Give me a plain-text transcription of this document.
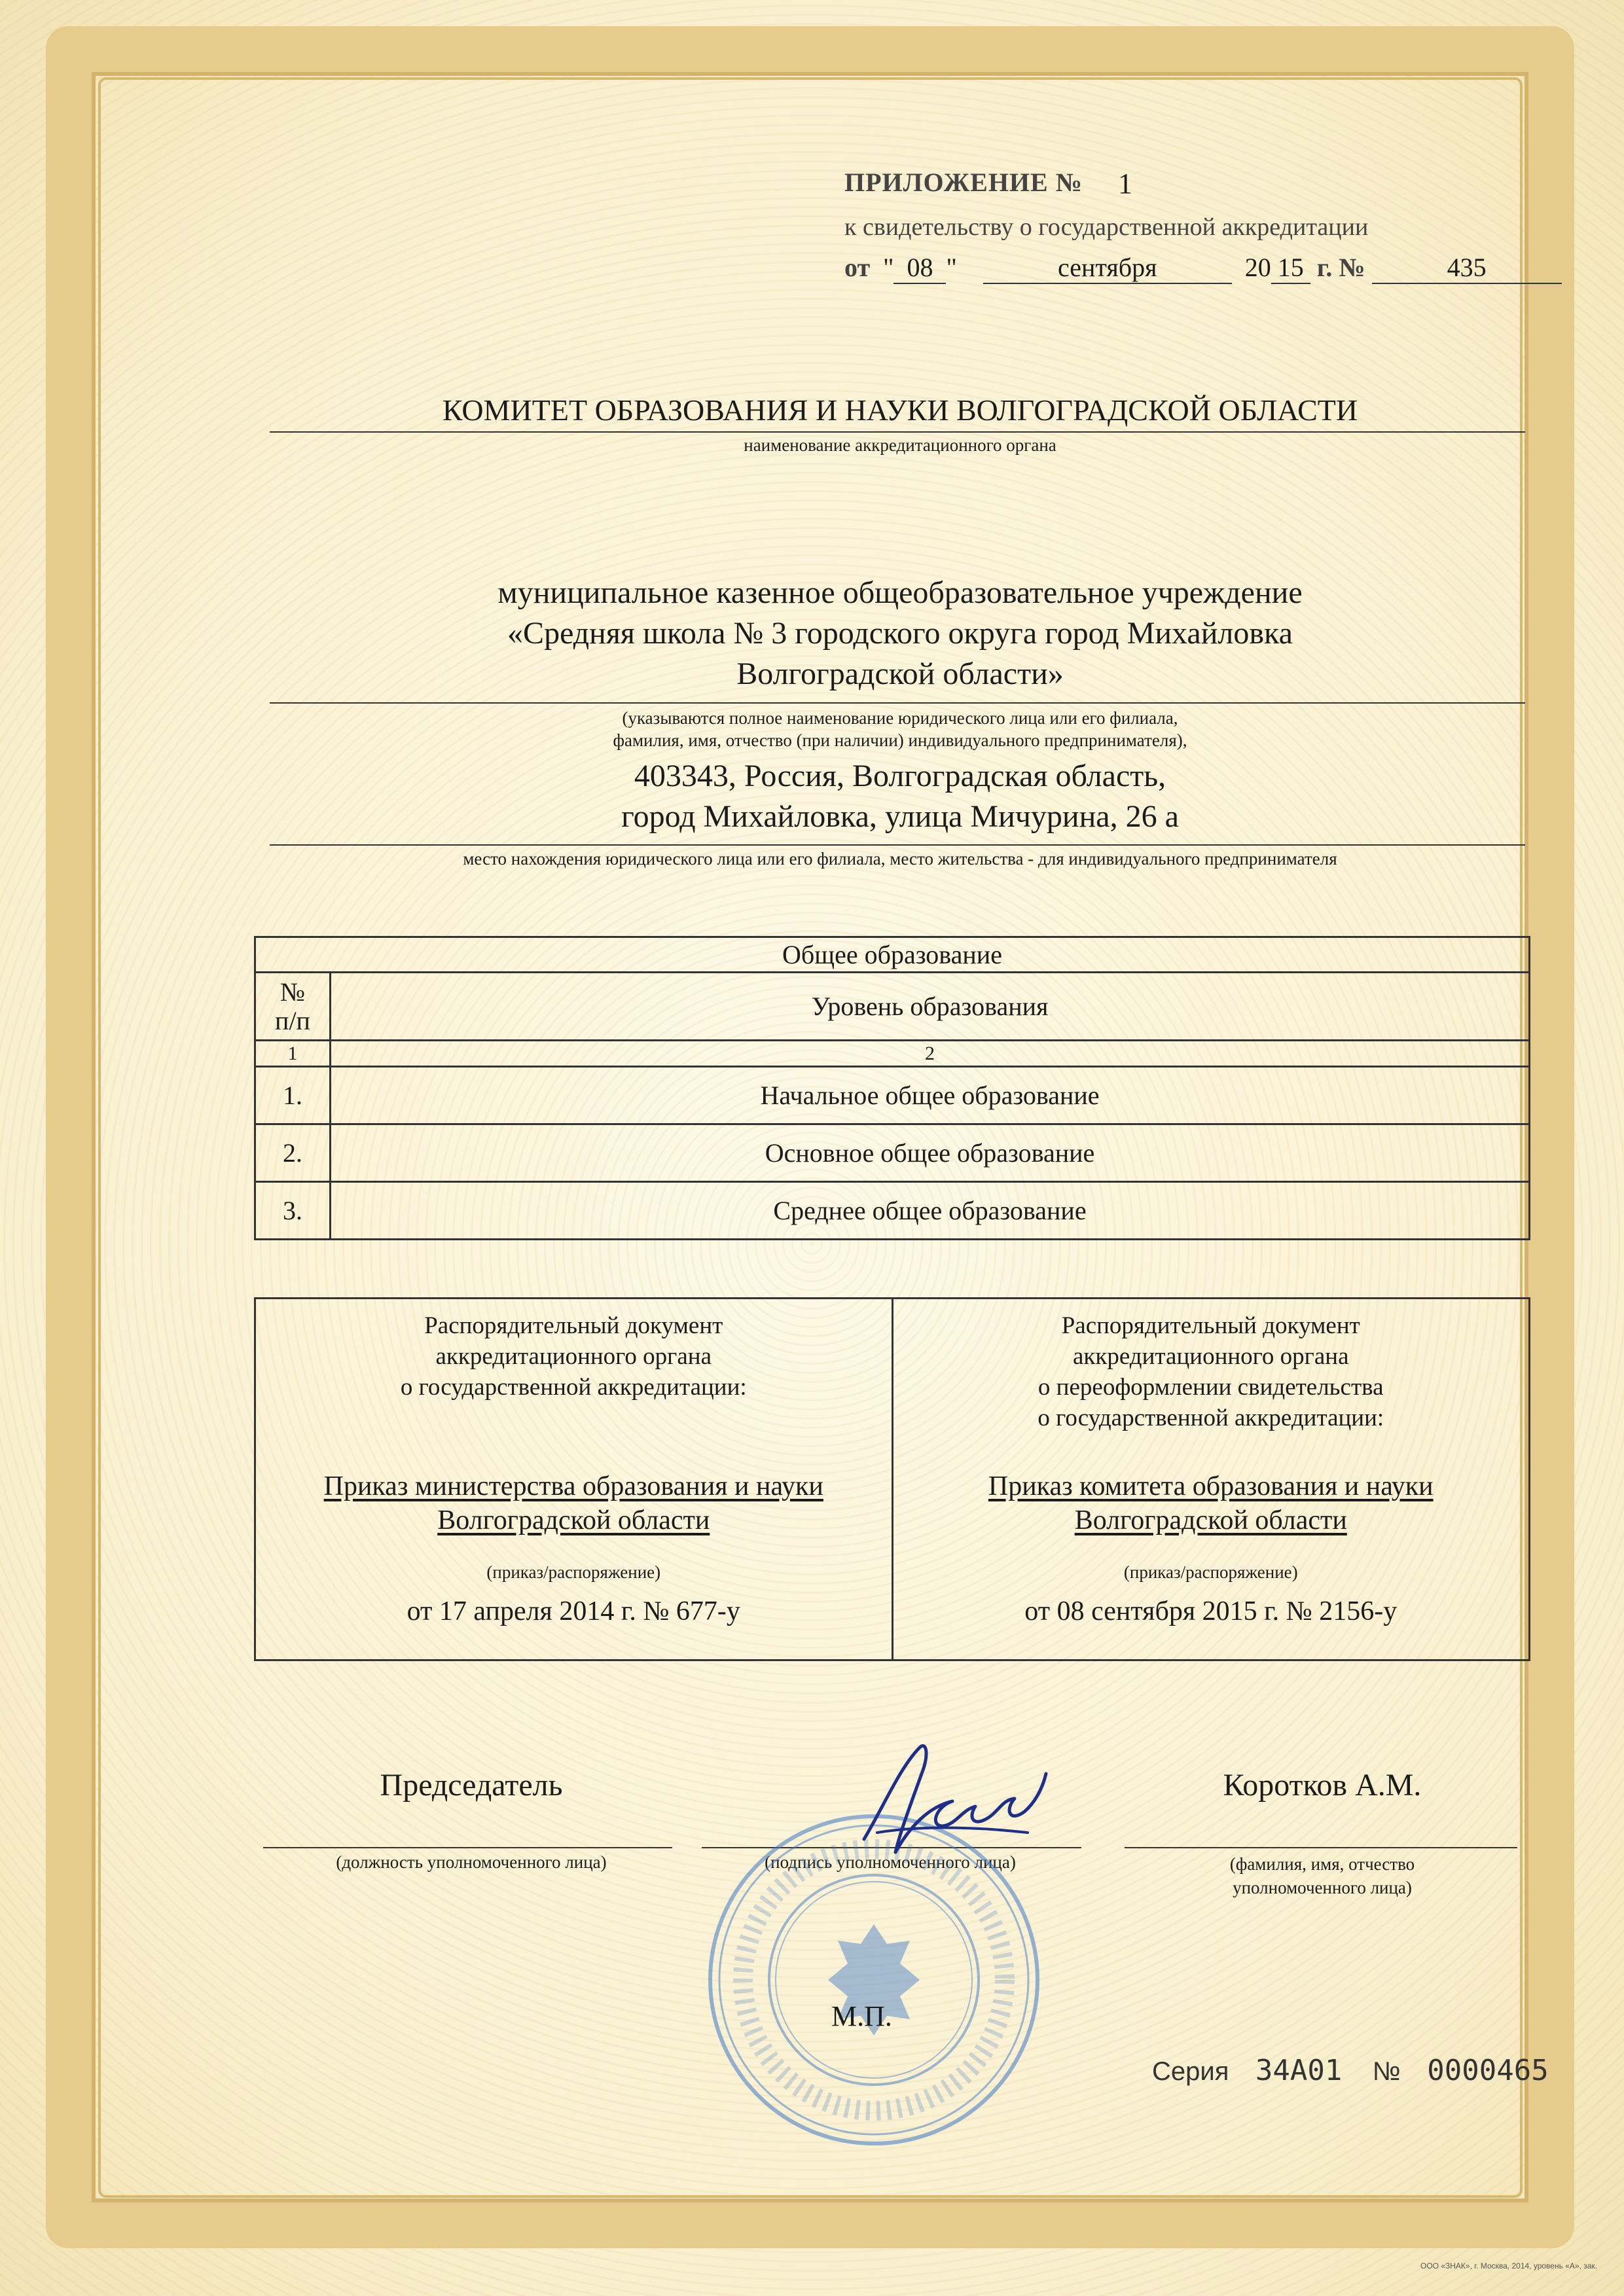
ПРИЛОЖЕНИЕ № 1
к свидетельству о государственной аккредитации
от " 08 "	сентября	20 15 г. №	435
КОМИТЕТ ОБРАЗОВАНИЯ И НАУКИ ВОЛГОГРАДСКОЙ ОБЛАСТИ
наименование аккредитационного органа
муниципальное казенное общеобразовательное учреждение
«Средняя школа № 3 городского округа город Михайловка
Волгоградской области»
(указываются полное наименование юридического лица или его филиала,
фамилия, имя, отчество (при наличии) индивидуального предпринимателя),
403343, Россия, Волгоградская область,
город Михайловка, улица Мичурина, 26 а
место нахождения юридического лица или его филиала, место жительства - для индивидуального предпринимателя
Общее образование	
№
п/п	Уровень образования
1	2
1.	Начальное общее образование
2.	Основное общее образование
3.	Среднее общее образование
Распорядительный документ
аккредитационного органа
о государственной аккредитации:
Приказ министерства образования и науки
Волгоградской области
(приказ/распоряжение)
от 17 апреля 2014 г. № 677-у

Распорядительный документ
аккредитационного органа
о переоформлении свидетельства
о государственной аккредитации:
Приказ комитета образования и науки
Волгоградской области
(приказ/распоряжение)
от 08 сентября 2015 г. № 2156-у
Председатель
(должность уполномоченного лица)	(подпись уполномоченного лица)
Коротков А.М.
(фамилия, имя, отчество
уполномоченного лица)
М.П.
Серия 34А01 № 0000465
ООО «ЗНАК», г. Москва, 2014, уровень «А», зак.
